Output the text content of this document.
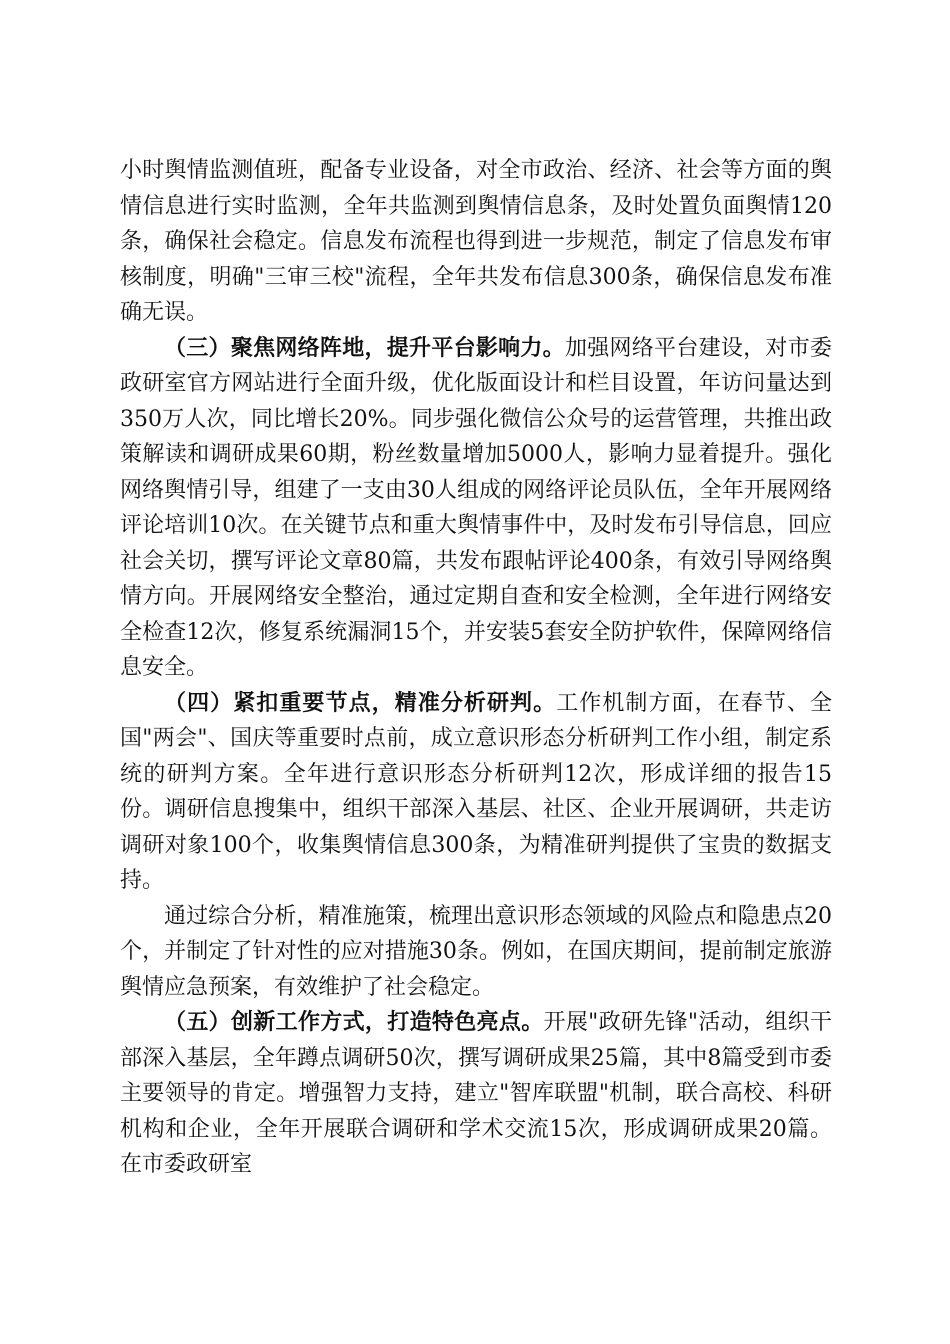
小时舆情监测值班，配备专业设备，对全市政治、经济、社会等方面的舆情信息进行实时监测，全年共监测到舆情信息条，及时处置负面舆情120条，确保社会稳定。信息发布流程也得到进一步规范，制定了信息发布审核制度，明确"三审三校"流程，全年共发布信息300条，确保信息发布准确无误。

（三）聚焦网络阵地，提升平台影响力。加强网络平台建设，对市委政研室官方网站进行全面升级，优化版面设计和栏目设置，年访问量达到350万人次，同比增长20%。同步强化微信公众号的运营管理，共推出政策解读和调研成果60期，粉丝数量增加5000人，影响力显着提升。强化网络舆情引导，组建了一支由30人组成的网络评论员队伍，全年开展网络评论培训10次。在关键节点和重大舆情事件中，及时发布引导信息，回应社会关切，撰写评论文章80篇，共发布跟帖评论400条，有效引导网络舆情方向。开展网络安全整治，通过定期自查和安全检测，全年进行网络安全检查12次，修复系统漏洞15个，并安装5套安全防护软件，保障网络信息安全。

（四）紧扣重要节点，精准分析研判。工作机制方面，在春节、全国"两会"、国庆等重要时点前，成立意识形态分析研判工作小组，制定系统的研判方案。全年进行意识形态分析研判12次，形成详细的报告15份。调研信息搜集中，组织干部深入基层、社区、企业开展调研，共走访调研对象100个，收集舆情信息300条，为精准研判提供了宝贵的数据支持。

通过综合分析，精准施策，梳理出意识形态领域的风险点和隐患点20个，并制定了针对性的应对措施30条。例如，在国庆期间，提前制定旅游舆情应急预案，有效维护了社会稳定。

（五）创新工作方式，打造特色亮点。开展"政研先锋"活动，组织干部深入基层，全年蹲点调研50次，撰写调研成果25篇，其中8篇受到市委主要领导的肯定。增强智力支持，建立"智库联盟"机制，联合高校、科研机构和企业，全年开展联合调研和学术交流15次，形成调研成果20篇。在市委政研室
